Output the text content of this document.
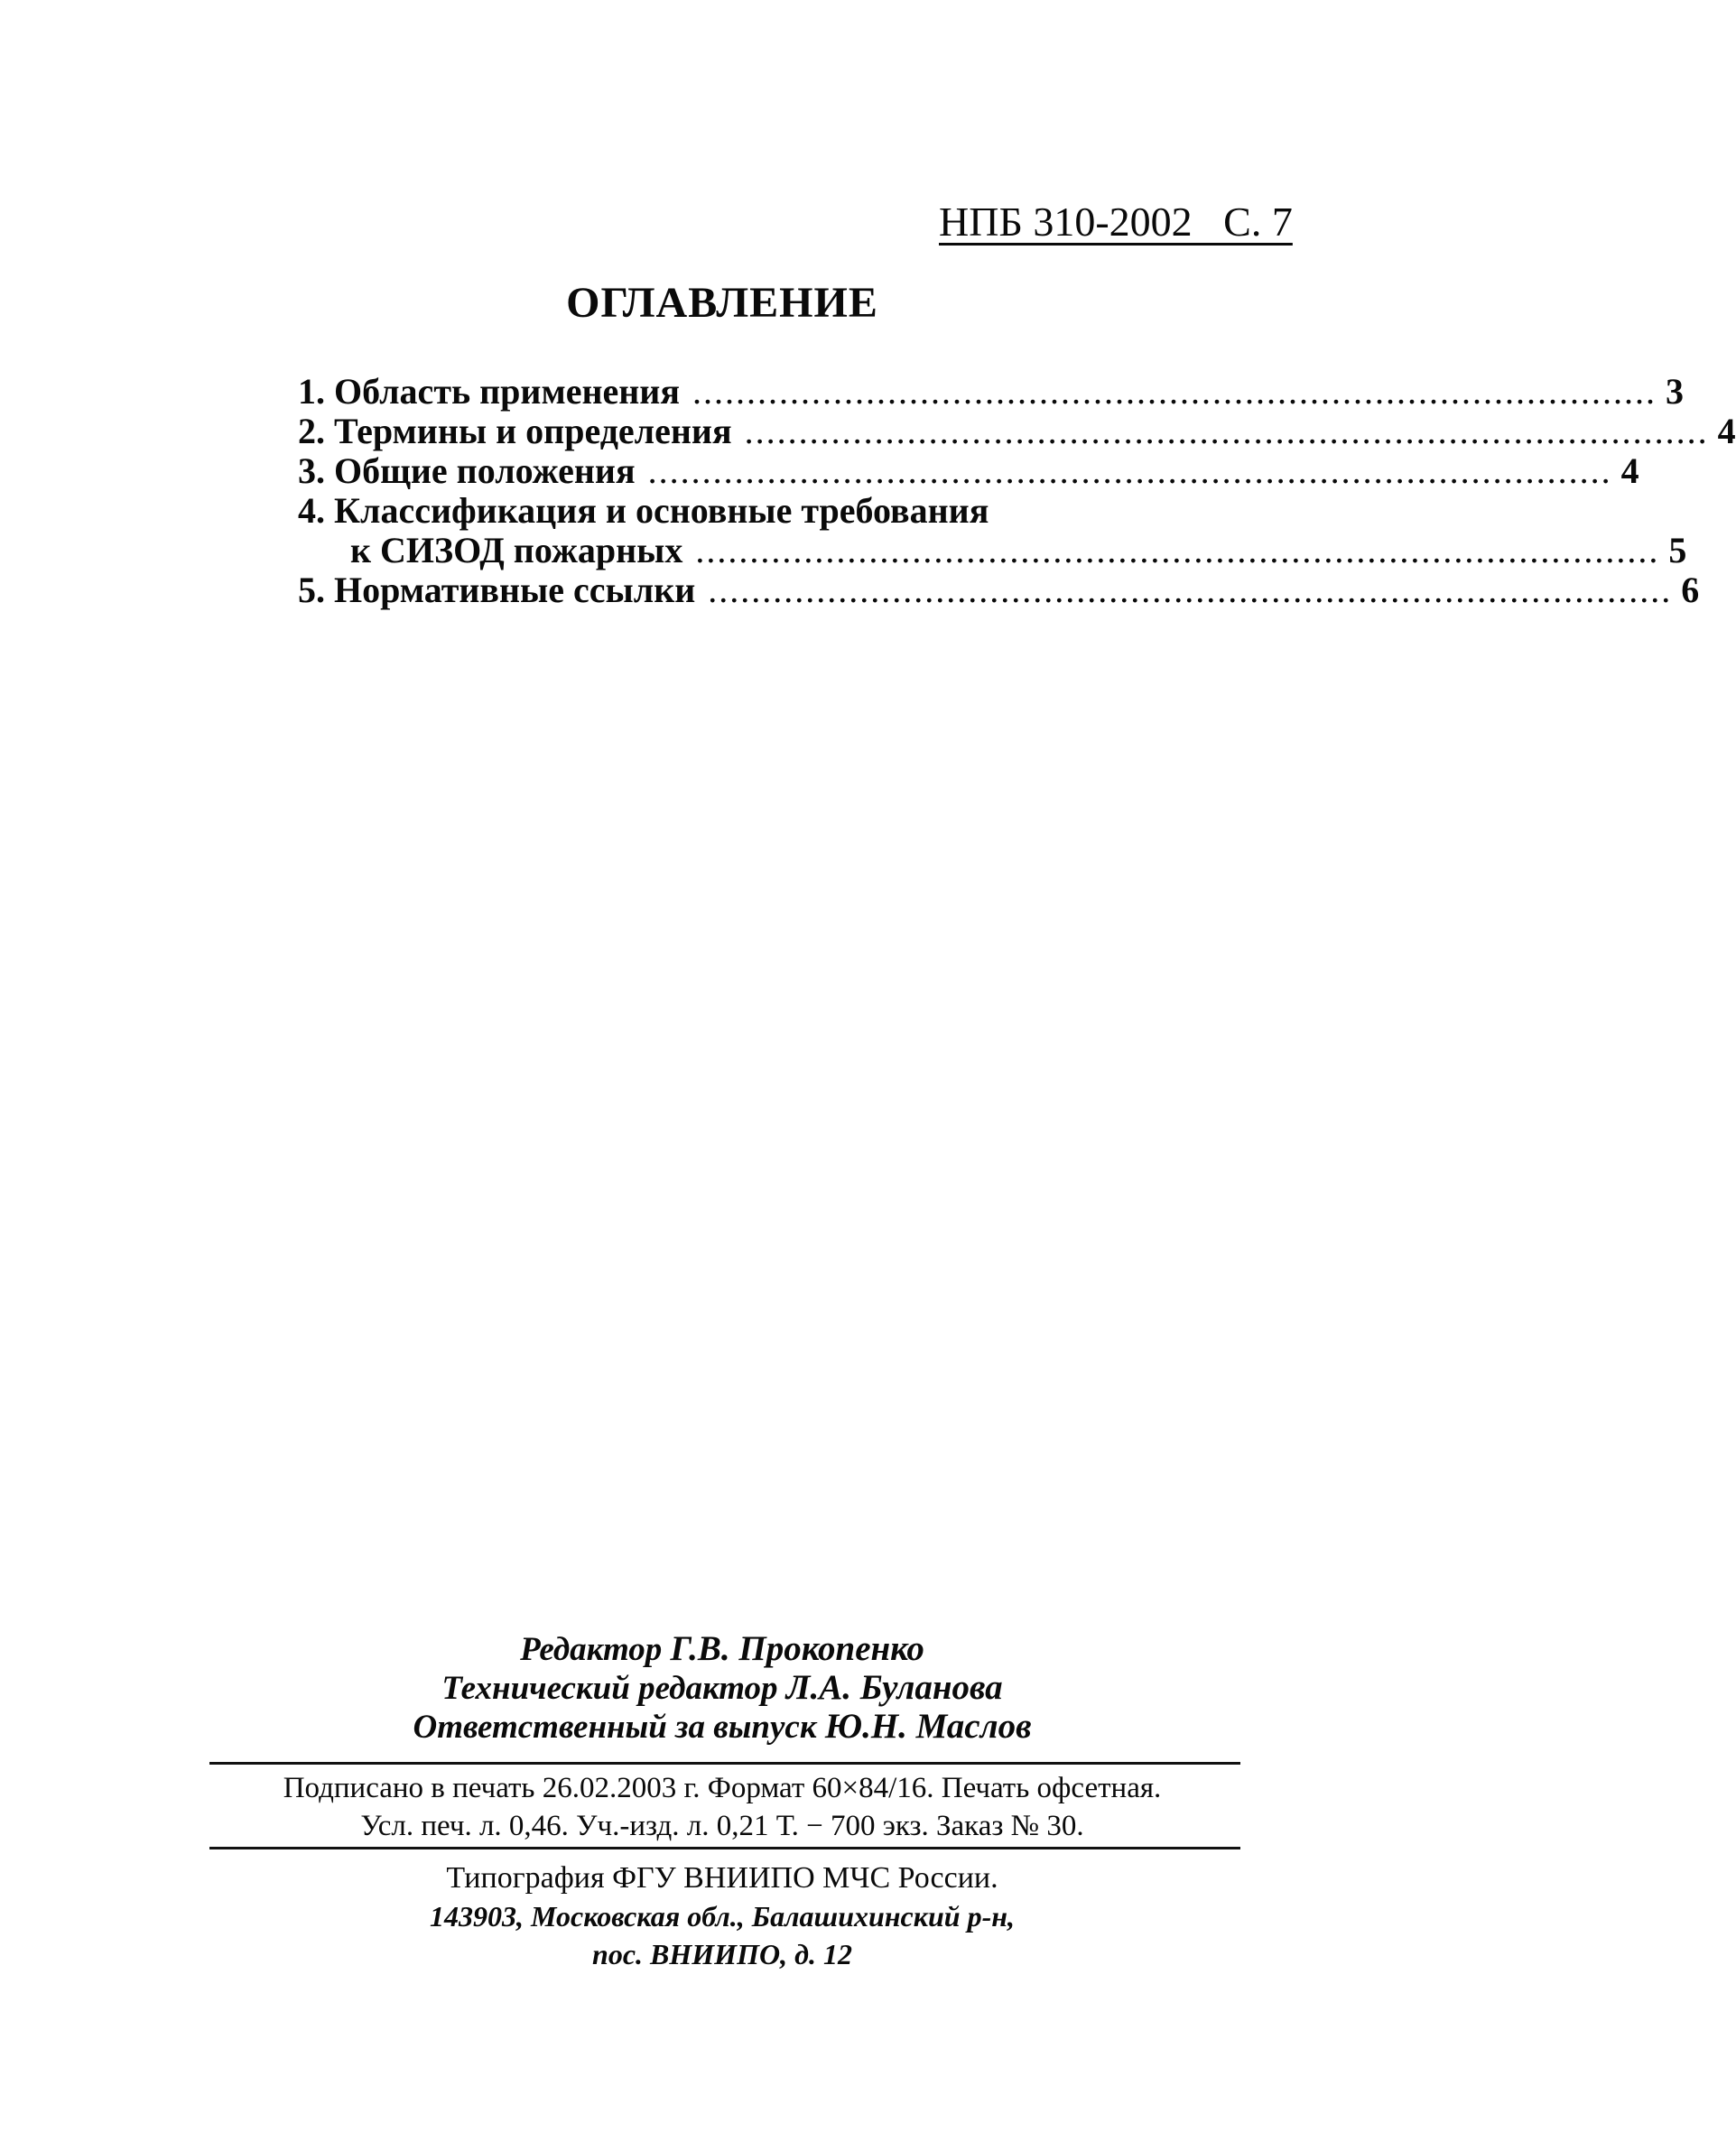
НПБ 310-2002   С. 7
ОГЛАВЛЕНИЕ
1. Область применения ......................................................................................... 3
2. Термины и определения ......................................................................................... 4
3. Общие положения ......................................................................................... 4
4. Классификация и основные требования
к СИЗОД пожарных ......................................................................................... 5
5. Нормативные ссылки ......................................................................................... 6
Редактор Г.В. Прокопенко
Технический редактор Л.А. Буланова
Ответственный за выпуск Ю.Н. Маслов
Подписано в печать 26.02.2003 г. Формат 60×84/16. Печать офсетная.
Усл. печ. л. 0,46. Уч.-изд. л. 0,21 Т. − 700 экз. Заказ № 30.
Типография ФГУ ВНИИПО МЧС России.
143903, Московская обл., Балашихинский р-н,
пос. ВНИИПО, д. 12
